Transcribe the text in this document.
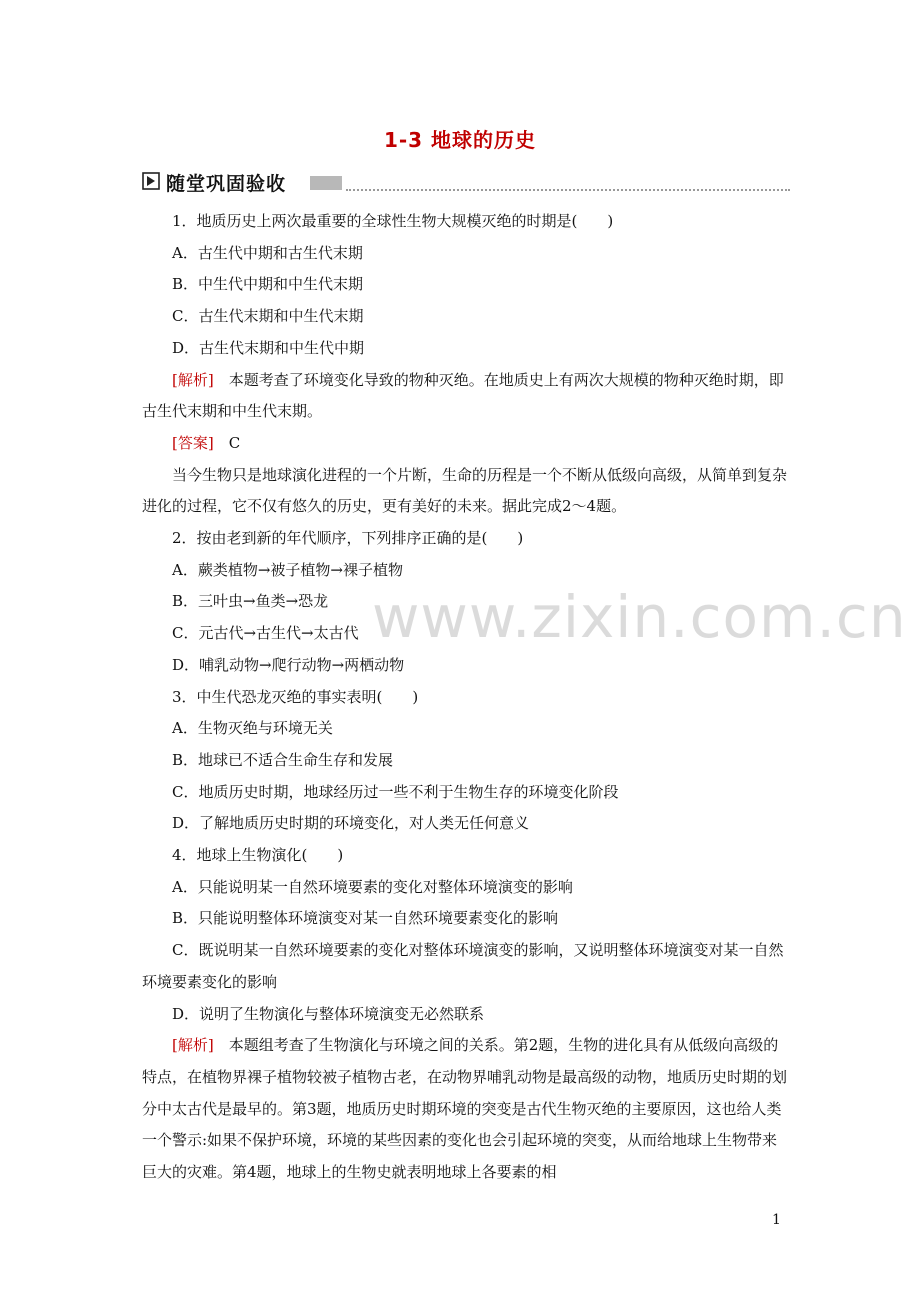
1-3 地球的历史
随堂巩固验收

1．地质历史上两次最重要的全球性生物大规模灭绝的时期是(　　)

A．古生代中期和古生代末期

B．中生代中期和中生代末期

C．古生代末期和中生代末期

D．古生代末期和中生代中期

[解析]　本题考查了环境变化导致的物种灭绝。在地质史上有两次大规模的物种灭绝时期，即古生代末期和中生代末期。

[答案]　C

当今生物只是地球演化进程的一个片断，生命的历程是一个不断从低级向高级，从简单到复杂进化的过程，它不仅有悠久的历史，更有美好的未来。据此完成2～4题。

2．按由老到新的年代顺序，下列排序正确的是(　　)

A．蕨类植物→被子植物→裸子植物

B．三叶虫→鱼类→恐龙

C．元古代→古生代→太古代

D．哺乳动物→爬行动物→两栖动物

3．中生代恐龙灭绝的事实表明(　　)

A．生物灭绝与环境无关

B．地球已不适合生命生存和发展

C．地质历史时期，地球经历过一些不利于生物生存的环境变化阶段

D．了解地质历史时期的环境变化，对人类无任何意义

4．地球上生物演化(　　)

A．只能说明某一自然环境要素的变化对整体环境演变的影响

B．只能说明整体环境演变对某一自然环境要素变化的影响

C．既说明某一自然环境要素的变化对整体环境演变的影响，又说明整体环境演变对某一自然环境要素变化的影响

D．说明了生物演化与整体环境演变无必然联系

[解析]　本题组考查了生物演化与环境之间的关系。第2题，生物的进化具有从低级向高级的特点，在植物界裸子植物较被子植物古老，在动物界哺乳动物是最高级的动物，地质历史时期的划分中太古代是最早的。第3题，地质历史时期环境的突变是古代生物灭绝的主要原因，这也给人类一个警示:如果不保护环境，环境的某些因素的变化也会引起环境的突变，从而给地球上生物带来巨大的灾难。第4题，地球上的生物史就表明地球上各要素的相

www.zixin.com.cn
1
